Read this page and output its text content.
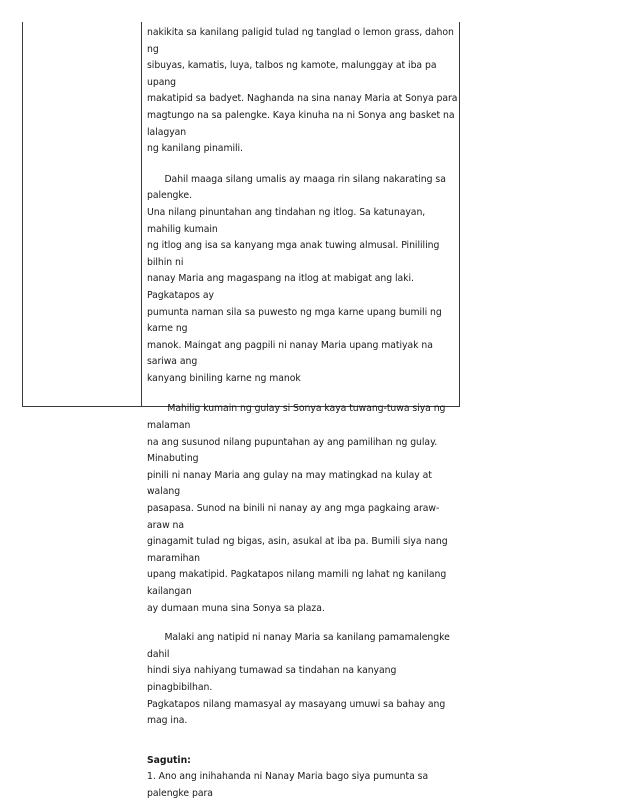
nakikita sa kanilang paligid tulad ng tanglad o lemon grass, dahon ng
sibuyas, kamatis, luya, talbos ng kamote, malunggay at iba pa upang
makatipid sa badyet. Naghanda na sina nanay Maria at Sonya para
magtungo na sa palengke. Kaya kinuha na ni Sonya ang basket na lalagyan
ng kanilang pinamili.

Dahil maaga silang umalis ay maaga rin silang nakarating sa palengke.
Una nilang pinuntahan ang tindahan ng itlog. Sa katunayan, mahilig kumain
ng itlog ang isa sa kanyang mga anak tuwing almusal. Pinililing bilhin ni
nanay Maria ang magaspang na itlog at mabigat ang laki. Pagkatapos ay
pumunta naman sila sa puwesto ng mga karne upang bumili ng karne ng
manok. Maingat ang pagpili ni nanay Maria upang matiyak na sariwa ang
kanyang biniling karne ng manok

Mahilig kumain ng gulay si Sonya kaya tuwang-tuwa siya ng malaman
na ang susunod nilang pupuntahan ay ang pamilihan ng gulay. Minabuting
pinili ni nanay Maria ang gulay na may matingkad na kulay at walang
pasapasa. Sunod na binili ni nanay ay ang mga pagkaing araw-araw na
ginagamit tulad ng bigas, asin, asukal at iba pa. Bumili siya nang maramihan
upang makatipid. Pagkatapos nilang mamili ng lahat ng kanilang kailangan
ay dumaan muna sina Sonya sa plaza.

Malaki ang natipid ni nanay Maria sa kanilang pamamalengke dahil
hindi siya nahiyang tumawad sa tindahan na kanyang pinagbibilhan.
Pagkatapos nilang mamasyal ay masayang umuwi sa bahay ang mag ina.

Sagutin:

1. Ano ang inihahanda ni Nanay Maria bago siya pumunta sa palengke para
